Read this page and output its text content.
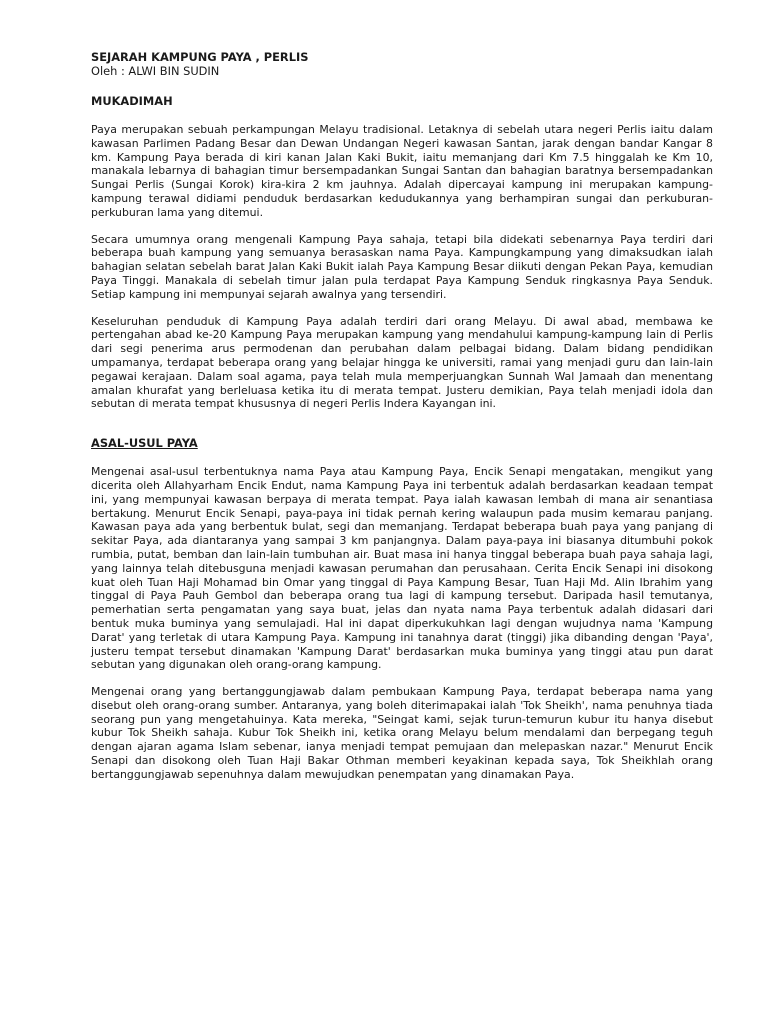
SEJARAH KAMPUNG PAYA , PERLIS

Oleh : ALWI BIN SUDIN

MUKADIMAH

Paya merupakan sebuah perkampungan Melayu tradisional. Letaknya di sebelah utara negeri Perlis iaitu dalam kawasan Parlimen Padang Besar dan Dewan Undangan Negeri kawasan Santan, jarak dengan bandar Kangar 8 km. Kampung Paya berada di kiri kanan Jalan Kaki Bukit, iaitu memanjang dari Km 7.5 hinggalah ke Km 10, manakala lebarnya di bahagian timur bersempadankan Sungai Santan dan bahagian baratnya bersempadankan Sungai Perlis (Sungai Korok) kira-kira 2 km jauhnya. Adalah dipercayai kampung ini merupakan kampung-kampung terawal didiami penduduk berdasarkan kedudukannya yang berhampiran sungai dan perkuburan-perkuburan lama yang ditemui.

Secara umumnya orang mengenali Kampung Paya sahaja, tetapi bila didekati sebenarnya Paya terdiri dari beberapa buah kampung yang semuanya berasaskan nama Paya. Kampungkampung yang dimaksudkan ialah bahagian selatan sebelah barat Jalan Kaki Bukit ialah Paya Kampung Besar diikuti dengan Pekan Paya, kemudian Paya Tinggi. Manakala di sebelah timur jalan pula terdapat Paya Kampung Senduk ringkasnya Paya Senduk. Setiap kampung ini mempunyai sejarah awalnya yang tersendiri.

Keseluruhan penduduk di Kampung Paya adalah terdiri dari orang Melayu. Di awal abad, membawa ke pertengahan abad ke-20 Kampung Paya merupakan kampung yang mendahului kampung-kampung lain di Perlis dari segi penerima arus permodenan dan perubahan dalam pelbagai bidang. Dalam bidang pendidikan umpamanya, terdapat beberapa orang yang belajar hingga ke universiti, ramai yang menjadi guru dan lain-lain pegawai kerajaan. Dalam soal agama, paya telah mula memperjuangkan Sunnah Wal Jamaah dan menentang amalan khurafat yang berleluasa ketika itu di merata tempat. Justeru demikian, Paya telah menjadi idola dan sebutan di merata tempat khususnya di negeri Perlis Indera Kayangan ini.

ASAL-USUL PAYA

Mengenai asal-usul terbentuknya nama Paya atau Kampung Paya, Encik Senapi mengatakan, mengikut yang dicerita oleh Allahyarham Encik Endut, nama Kampung Paya ini terbentuk adalah berdasarkan keadaan tempat ini, yang mempunyai kawasan berpaya di merata tempat. Paya ialah kawasan lembah di mana air senantiasa bertakung. Menurut Encik Senapi, paya-paya ini tidak pernah kering walaupun pada musim kemarau panjang. Kawasan paya ada yang berbentuk bulat, segi dan memanjang. Terdapat beberapa buah paya yang panjang di sekitar Paya, ada diantaranya yang sampai 3 km panjangnya. Dalam paya-paya ini biasanya ditumbuhi pokok rumbia, putat, bemban dan lain-lain tumbuhan air. Buat masa ini hanya tinggal beberapa buah paya sahaja lagi, yang lainnya telah ditebusguna menjadi kawasan perumahan dan perusahaan. Cerita Encik Senapi ini disokong kuat oleh Tuan Haji Mohamad bin Omar yang tinggal di Paya Kampung Besar, Tuan Haji Md. Alin Ibrahim yang tinggal di Paya Pauh Gembol dan beberapa orang tua lagi di kampung tersebut. Daripada hasil temutanya, pemerhatian serta pengamatan yang saya buat, jelas dan nyata nama Paya terbentuk adalah didasari dari bentuk muka buminya yang semulajadi. Hal ini dapat diperkukuhkan lagi dengan wujudnya nama 'Kampung Darat' yang terletak di utara Kampung Paya. Kampung ini tanahnya darat (tinggi) jika dibanding dengan 'Paya', justeru tempat tersebut dinamakan 'Kampung Darat' berdasarkan muka buminya yang tinggi atau pun darat sebutan yang digunakan oleh orang-orang kampung.

Mengenai orang yang bertanggungjawab dalam pembukaan Kampung Paya, terdapat beberapa nama yang disebut oleh orang-orang sumber. Antaranya, yang boleh diterimapakai ialah 'Tok Sheikh', nama penuhnya tiada seorang pun yang mengetahuinya. Kata mereka, "Seingat kami, sejak turun-temurun kubur itu hanya disebut kubur Tok Sheikh sahaja. Kubur Tok Sheikh ini, ketika orang Melayu belum mendalami dan berpegang teguh dengan ajaran agama Islam sebenar, ianya menjadi tempat pemujaan dan melepaskan nazar." Menurut Encik Senapi dan disokong oleh Tuan Haji Bakar Othman memberi keyakinan kepada saya, Tok Sheikhlah orang bertanggungjawab sepenuhnya dalam mewujudkan penempatan yang dinamakan Paya.
